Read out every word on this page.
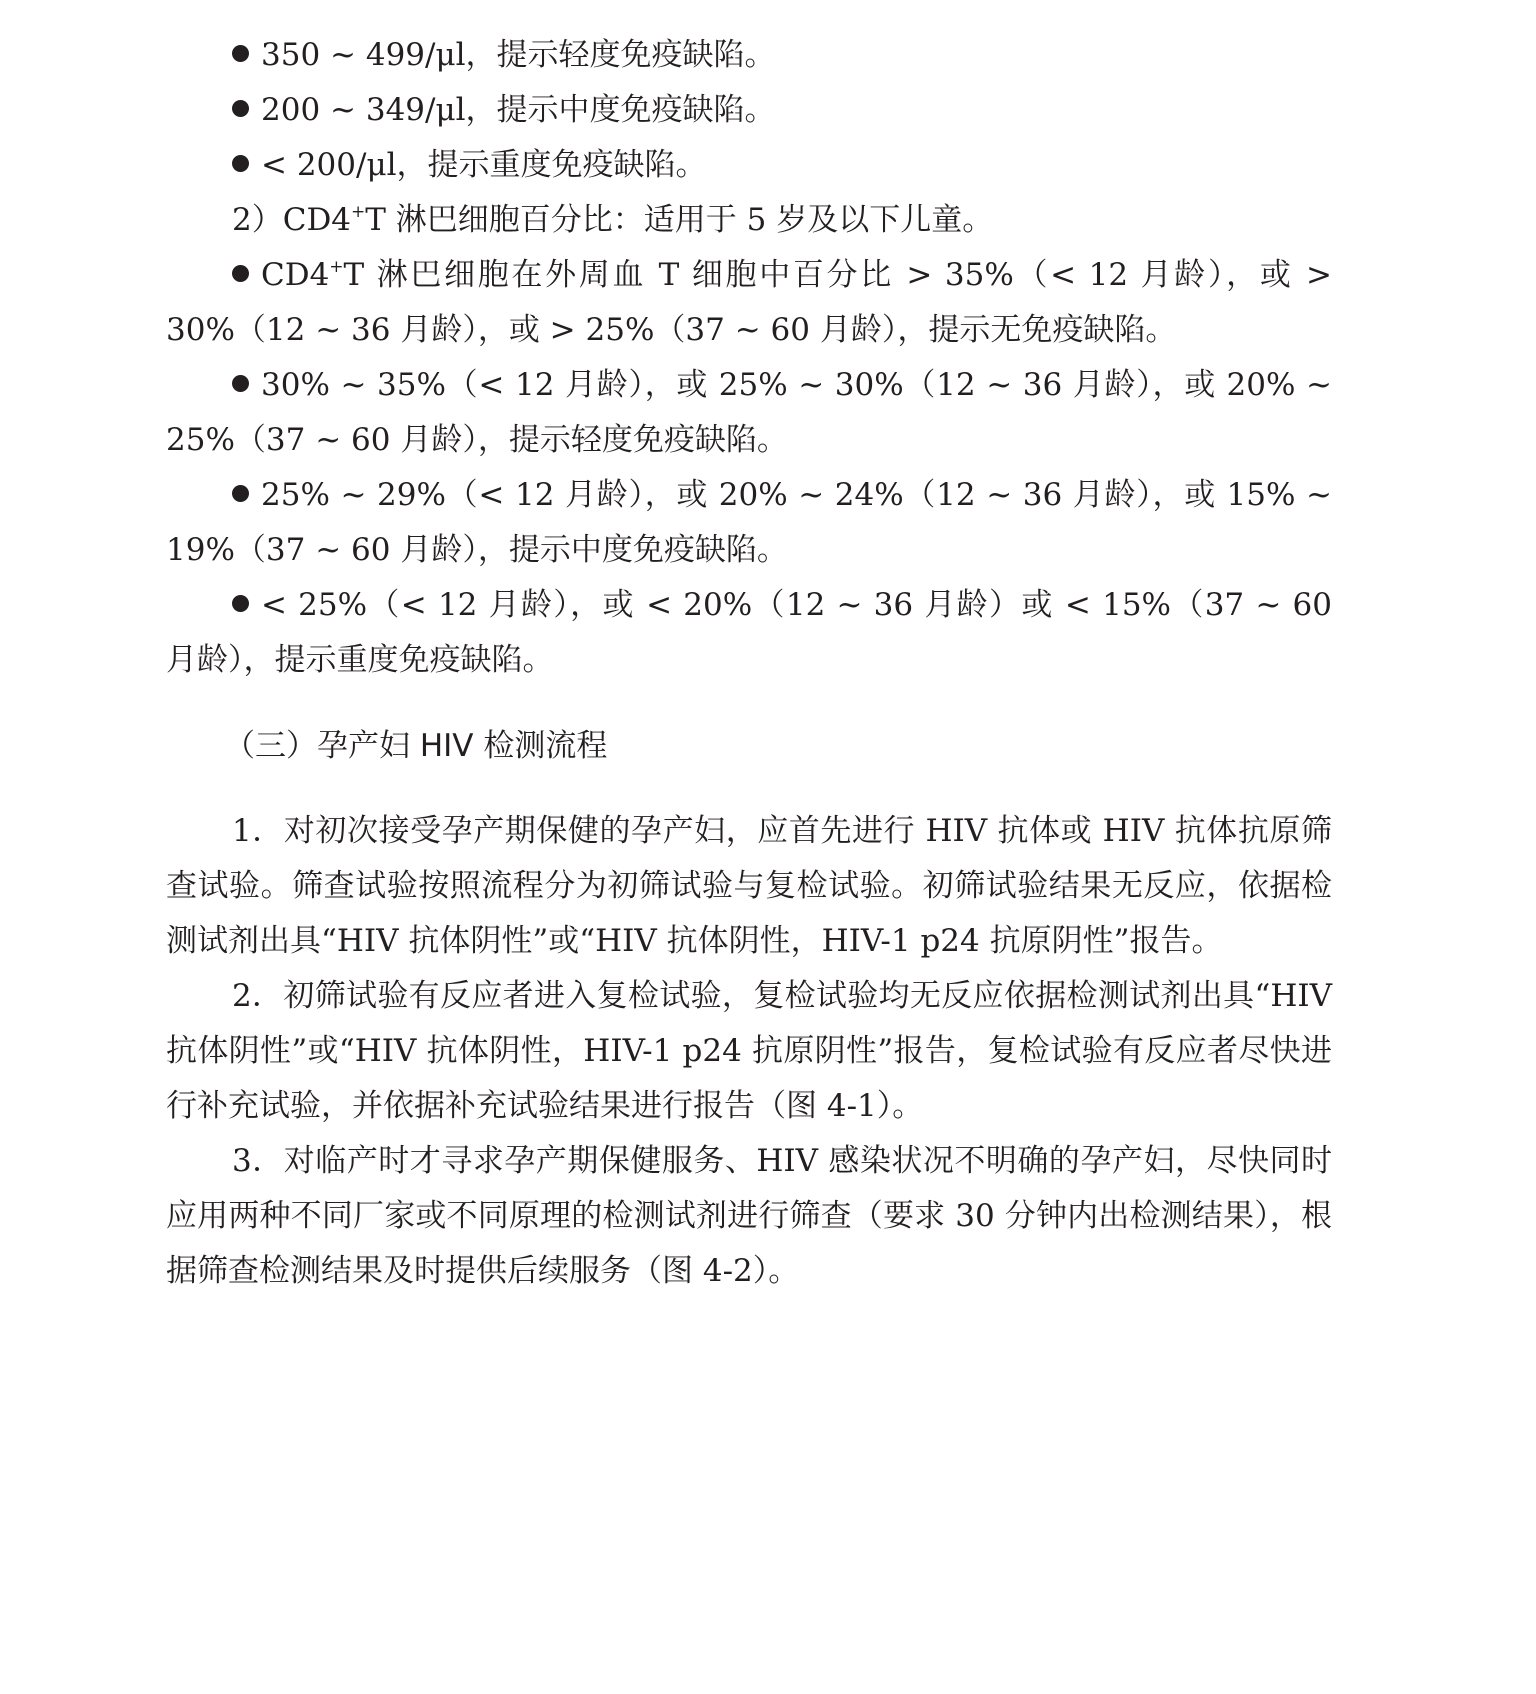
350 ~ 499/μl，提示轻度免疫缺陷。

200 ~ 349/μl，提示中度免疫缺陷。

< 200/μl，提示重度免疫缺陷。

2）CD4+T 淋巴细胞百分比：适用于 5 岁及以下儿童。

CD4+T 淋巴细胞在外周血 T 细胞中百分比 > 35%（< 12 月龄），或 > 30%（12 ~ 36 月龄），或 > 25%（37 ~ 60 月龄），提示无免疫缺陷。

30% ~ 35%（< 12 月龄），或 25% ~ 30%（12 ~ 36 月龄），或 20% ~ 25%（37 ~ 60 月龄），提示轻度免疫缺陷。

25% ~ 29%（< 12 月龄），或 20% ~ 24%（12 ~ 36 月龄），或 15% ~ 19%（37 ~ 60 月龄），提示中度免疫缺陷。

< 25%（< 12 月龄），或 < 20%（12 ~ 36 月龄）或 < 15%（37 ~ 60 月龄），提示重度免疫缺陷。

（三）孕产妇 HIV 检测流程

1．对初次接受孕产期保健的孕产妇，应首先进行 HIV 抗体或 HIV 抗体抗原筛查试验。筛查试验按照流程分为初筛试验与复检试验。初筛试验结果无反应，依据检测试剂出具“HIV 抗体阴性”或“HIV 抗体阴性，HIV-1 p24 抗原阴性”报告。

2．初筛试验有反应者进入复检试验，复检试验均无反应依据检测试剂出具“HIV 抗体阴性”或“HIV 抗体阴性，HIV-1 p24 抗原阴性”报告，复检试验有反应者尽快进行补充试验，并依据补充试验结果进行报告（图 4-1）。

3．对临产时才寻求孕产期保健服务、HIV 感染状况不明确的孕产妇，尽快同时应用两种不同厂家或不同原理的检测试剂进行筛查（要求 30 分钟内出检测结果），根据筛查检测结果及时提供后续服务（图 4-2）。
